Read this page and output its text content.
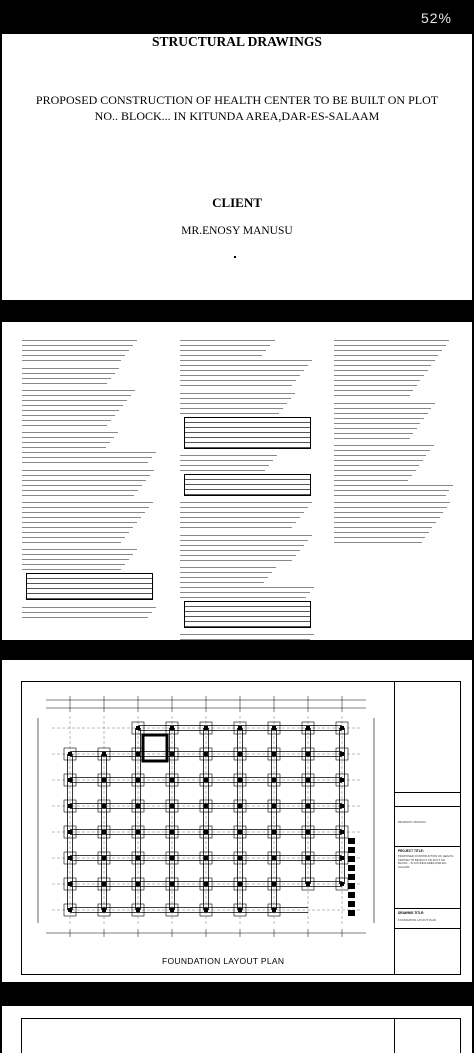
52%
STRUCTURAL DRAWINGS
PROPOSED CONSTRUCTION OF HEALTH CENTER TO BE BUILT ON PLOT
NO.. BLOCK... IN KITUNDA AREA,DAR-ES-SALAAM
CLIENT
MR.ENOSY MANUSU
FOUNDATION LAYOUT PLAN
MR.ENOSY MANUSU
PROJECT TITLE:
PROPOSED CONSTRUCTION OF HEALTH CENTER TO BE BUILT ON PLOT NO. BLOCK... IN KITUNDA AREA,DAR-ES-SALAAM
DRAWING TITLE:
FOUNDATION LAYOUT PLAN
